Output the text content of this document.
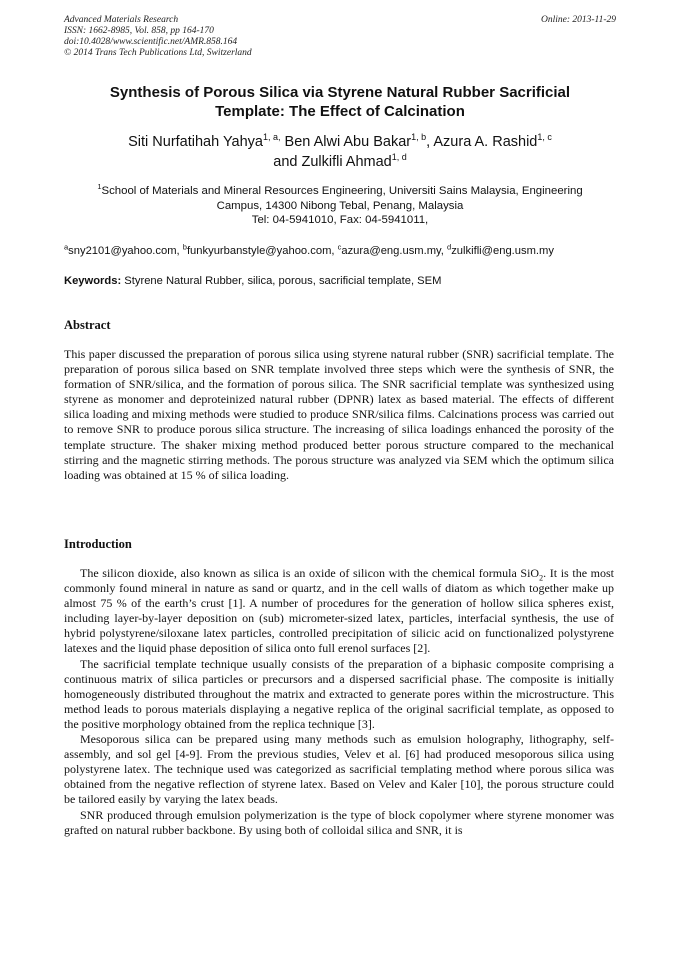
Advanced Materials Research
ISSN: 1662-8985, Vol. 858, pp 164-170
doi:10.4028/www.scientific.net/AMR.858.164
© 2014 Trans Tech Publications Ltd, Switzerland
Online: 2013-11-29
Synthesis of Porous Silica via Styrene Natural Rubber Sacrificial
Template: The Effect of Calcination
Siti Nurfatihah Yahya$^{1, a,}$ Ben Alwi Abu Bakar$^{1, b}$, Azura A. Rashid$^{1, c}$
and Zulkifli Ahmad$^{1, d}$
$^1$School of Materials and Mineral Resources Engineering, Universiti Sains Malaysia, Engineering
Campus, 14300 Nibong Tebal, Penang, Malaysia
Tel: 04-5941010, Fax: 04-5941011,
$^a$sny2101@yahoo.com, $^b$funkyurbanstyle@yahoo.com, $^c$azura@eng.usm.my, $^d$zulkifli@eng.usm.my
Keywords: Styrene Natural Rubber, silica, porous, sacrificial template, SEM
Abstract

This paper discussed the preparation of porous silica using styrene natural rubber (SNR) sacrificial template. The preparation of porous silica based on SNR template involved three steps which were the synthesis of SNR, the formation of SNR/silica, and the formation of porous silica. The SNR sacrificial template was synthesized using styrene as monomer and deproteinized natural rubber (DPNR) latex as based material. The effects of different silica loading and mixing methods were studied to produce SNR/silica films. Calcinations process was carried out to remove SNR to produce porous silica structure. The increasing of silica loadings enhanced the porosity of the template structure. The shaker mixing method produced better porous structure compared to the mechanical stirring and the magnetic stirring methods. The porous structure was analyzed via SEM which the optimum silica loading was obtained at 15 % of silica loading.

Introduction

The silicon dioxide, also known as silica is an oxide of silicon with the chemical formula SiO$_2$. It is the most commonly found mineral in nature as sand or quartz, and in the cell walls of diatom as which together make up almost 75 % of the earth’s crust [1]. A number of procedures for the generation of hollow silica spheres exist, including layer-by-layer deposition on (sub) micrometer-sized latex, particles, interfacial synthesis, the use of hybrid polystyrene/siloxane latex particles, controlled precipitation of silicic acid on functionalized polystyrene latexes and the liquid phase deposition of silica onto full erenol surfaces [2].

The sacrificial template technique usually consists of the preparation of a biphasic composite comprising a continuous matrix of silica particles or precursors and a dispersed sacrificial phase. The composite is initially homogeneously distributed throughout the matrix and extracted to generate pores within the microstructure. This method leads to porous materials displaying a negative replica of the original sacrificial template, as opposed to the positive morphology obtained from the replica technique [3].

Mesoporous silica can be prepared using many methods such as emulsion holography, lithography, self-assembly, and sol gel [4-9]. From the previous studies, Velev et al. [6] had produced mesoporous silica using polystyrene latex. The technique used was categorized as sacrificial templating method where porous silica was obtained from the negative reflection of styrene latex. Based on Velev and Kaler [10], the porous structure could be tailored easily by varying the latex beads.

SNR produced through emulsion polymerization is the type of block copolymer where styrene monomer was grafted on natural rubber backbone. By using both of colloidal silica and SNR, it is
